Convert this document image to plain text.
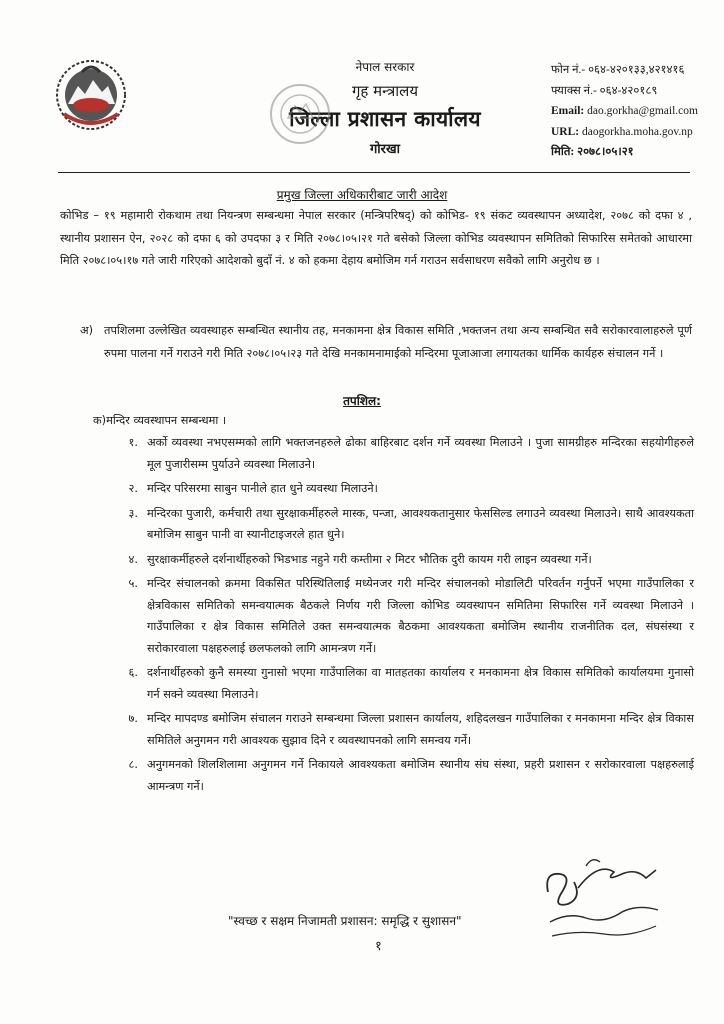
नेपाल सरकार
गृह मन्त्रालय
जिल्ला प्रशासन कार्यालय
गोरखा
फोन नं.- ०६४-४२०१३३,४२१४१६
फ्याक्स नं.- ०६४-४२०१८९
Email: dao.gorkha@gmail.com
URL: daogorkha.moha.gov.np
मिति: २०७८।०५।२१
प्रमुख जिल्ला अधिकारीबाट जारी आदेश
कोभिड – १९ महामारी रोकथाम तथा नियन्त्रण सम्बन्धमा नेपाल सरकार (मन्त्रिपरिषद्) को कोभिड- १९ संकट व्यवस्थापन अध्यादेश, २०७८ को दफा ४ , स्थानीय प्रशासन ऐन, २०२८ को दफा ६ को उपदफा ३ र मिति २०७८।०५।२१ गते बसेको जिल्ला कोभिड व्यवस्थापन समितिको सिफारिस समेतको आधारमा मिति २०७८।०५।१७ गते जारी गरिएको आदेशको बुदाँ नं. ४ को हकमा देहाय बमोजिम गर्न गराउन सर्वसाधरण सवैको लागि अनुरोध छ ।
अ) तपशिलमा उल्लेखित व्यवस्थाहरु सम्बन्धित स्थानीय तह, मनकामना क्षेत्र विकास समिति ,भक्तजन तथा अन्य सम्बन्धित सवै सरोकारवालाहरुले पूर्ण रुपमा पालना गर्ने गराउने गरी मिति २०७८।०५।२३ गते देखि मनकामनामाईको मन्दिरमा पूजाआजा लगायतका धार्मिक कार्यहरु संचालन गर्ने ।
तपशिल:
क)मन्दिर व्यवस्थापन सम्बन्धमा ।
१. अर्को व्यवस्था नभएसम्मको लागि भक्तजनहरुले ढोका बाहिरबाट दर्शन गर्ने व्यवस्था मिलाउने । पुजा सामग्रीहरु मन्दिरका सहयोगीहरुले मूल पुजारीसम्म पुर्याउने व्यवस्था मिलाउने।
२. मन्दिर परिसरमा साबुन पानीले हात धुने व्यवस्था मिलाउने।
३. मन्दिरका पुजारी, कर्मचारी तथा सुरक्षाकर्मीहरुले मास्क, पन्जा, आवश्यकतानुसार फेससिल्ड लगाउने व्यवस्था मिलाउने। साथै आवश्यकता बमोजिम साबुन पानी वा स्यानीटाइजरले हात धुने।
४. सुरक्षाकर्मीहरुले दर्शनार्थीहरुको भिडभाड नहुने गरी कम्तीमा २ मिटर भौतिक दुरी कायम गरी लाइन व्यवस्था गर्ने।
५. मन्दिर संचालनको क्रममा विकसित परिस्थितिलाई मध्येनजर गरी मन्दिर संचालनको मोडालिटी परिवर्तन गर्नुपर्ने भएमा गाउँपालिका र क्षेत्रविकास समितिको समन्वयात्मक बैठकले निर्णय गरी जिल्ला कोभिड व्यवस्थापन समितिमा सिफारिस गर्ने व्यवस्था मिलाउने । गाउँपालिका र क्षेत्र विकास समितिले उक्त समन्वयात्मक बैठकमा आवश्यकता बमोजिम स्थानीय राजनीतिक दल, संघसंस्था र सरोकारवाला पक्षहरुलाई छलफलको लागि आमन्त्रण गर्ने।
६. दर्शनार्थीहरुको कुनै समस्या गुनासो भएमा गाउँपालिका वा मातहतका कार्यालय र मनकामना क्षेत्र विकास समितिको कार्यालयमा गुनासो गर्न सक्ने व्यवस्था मिलाउने।
७. मन्दिर मापदण्ड बमोजिम संचालन गराउने सम्बन्धमा जिल्ला प्रशासन कार्यालय, शहिदलखन गाउँपालिका र मनकामना मन्दिर क्षेत्र विकास समितिले अनुगमन गरी आवश्यक सुझाव दिने र व्यवस्थापनको लागि समन्वय गर्ने।
८. अनुगमनको शिलशिलामा अनुगमन गर्ने निकायले आवश्यकता बमोजिम स्थानीय संघ संस्था, प्रहरी प्रशासन र सरोकारवाला पक्षहरुलाई आमन्त्रण गर्ने।
"स्वच्छ र सक्षम निजामती प्रशासन: समृद्धि र सुशासन"
१
